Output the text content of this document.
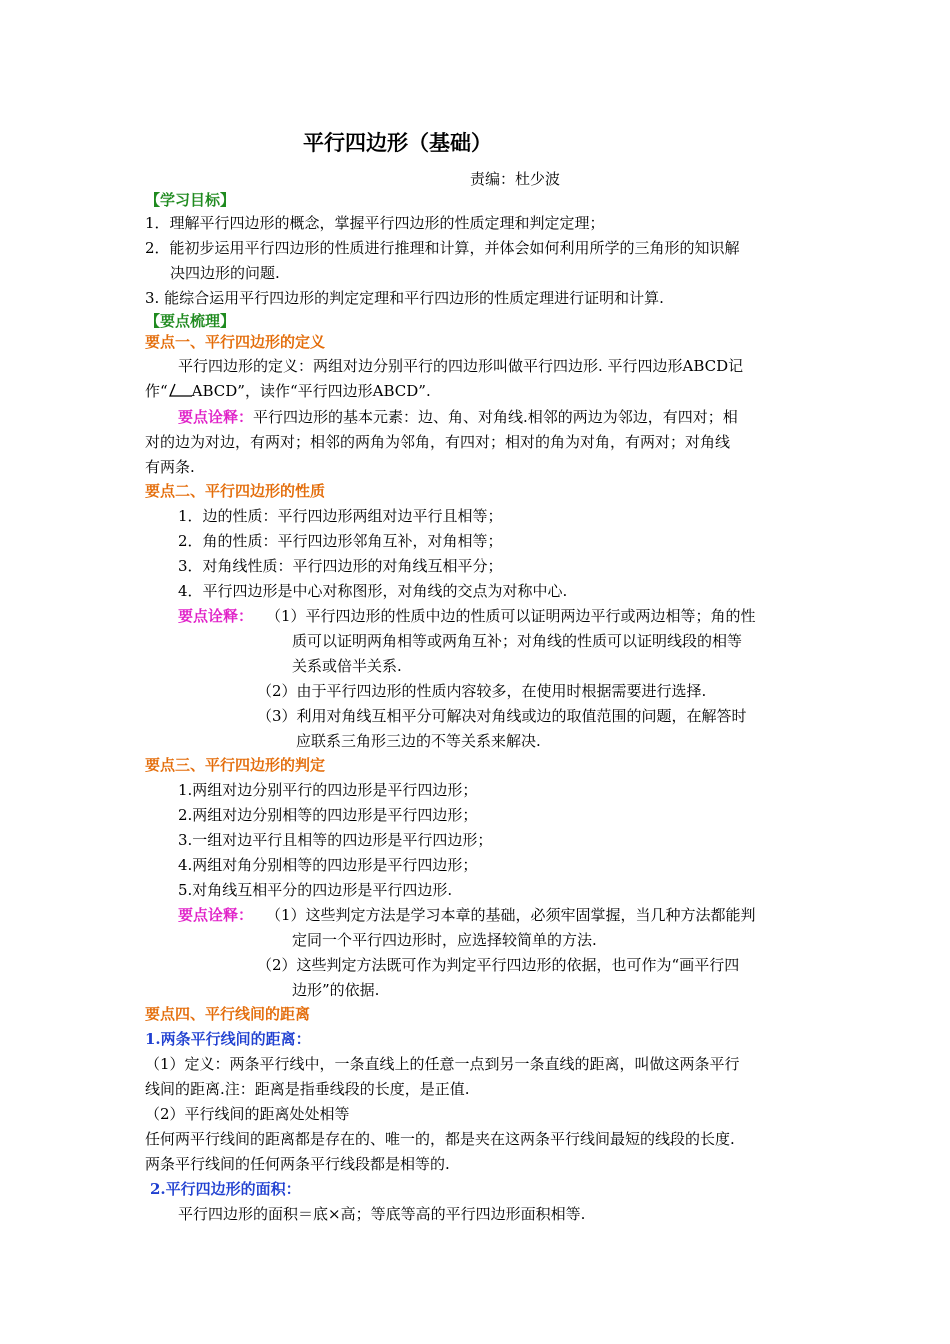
平行四边形（基础）
责编：杜少波
【学习目标】
1．理解平行四边形的概念，掌握平行四边形的性质定理和判定定理；
2．能初步运用平行四边形的性质进行推理和计算，并体会如何利用所学的三角形的知识解
决四边形的问题.
3. 能综合运用平行四边形的判定定理和平行四边形的性质定理进行证明和计算.
【要点梳理】
要点一、平行四边形的定义
平行四边形的定义：两组对边分别平行的四边形叫做平行四边形. 平行四边形ABCD记
作“ ABCD”，读作“平行四边形ABCD”.
要点诠释：平行四边形的基本元素：边、角、对角线.相邻的两边为邻边，有四对；相
对的边为对边，有两对；相邻的两角为邻角，有四对；相对的角为对角，有两对；对角线
有两条.
要点二、平行四边形的性质
1．边的性质：平行四边形两组对边平行且相等；
2．角的性质：平行四边形邻角互补，对角相等；
3．对角线性质：平行四边形的对角线互相平分；
4．平行四边形是中心对称图形，对角线的交点为对称中心.
要点诠释： （1）平行四边形的性质中边的性质可以证明两边平行或两边相等；角的性
质可以证明两角相等或两角互补；对角线的性质可以证明线段的相等
关系或倍半关系.
（2）由于平行四边形的性质内容较多，在使用时根据需要进行选择.
（3）利用对角线互相平分可解决对角线或边的取值范围的问题，在解答时
应联系三角形三边的不等关系来解决.
要点三、平行四边形的判定
1.两组对边分别平行的四边形是平行四边形；
2.两组对边分别相等的四边形是平行四边形；
3.一组对边平行且相等的四边形是平行四边形；
4.两组对角分别相等的四边形是平行四边形；
5.对角线互相平分的四边形是平行四边形.
要点诠释： （1）这些判定方法是学习本章的基础，必须牢固掌握，当几种方法都能判
定同一个平行四边形时，应选择较简单的方法.
（2）这些判定方法既可作为判定平行四边形的依据，也可作为“画平行四
边形”的依据.
要点四、平行线间的距离
1.两条平行线间的距离：
（1）定义：两条平行线中，一条直线上的任意一点到另一条直线的距离，叫做这两条平行
线间的距离.注：距离是指垂线段的长度，是正值.
（2）平行线间的距离处处相等
任何两平行线间的距离都是存在的、唯一的，都是夹在这两条平行线间最短的线段的长度.
两条平行线间的任何两条平行线段都是相等的.
2.平行四边形的面积：
平行四边形的面积＝底×高；等底等高的平行四边形面积相等.
